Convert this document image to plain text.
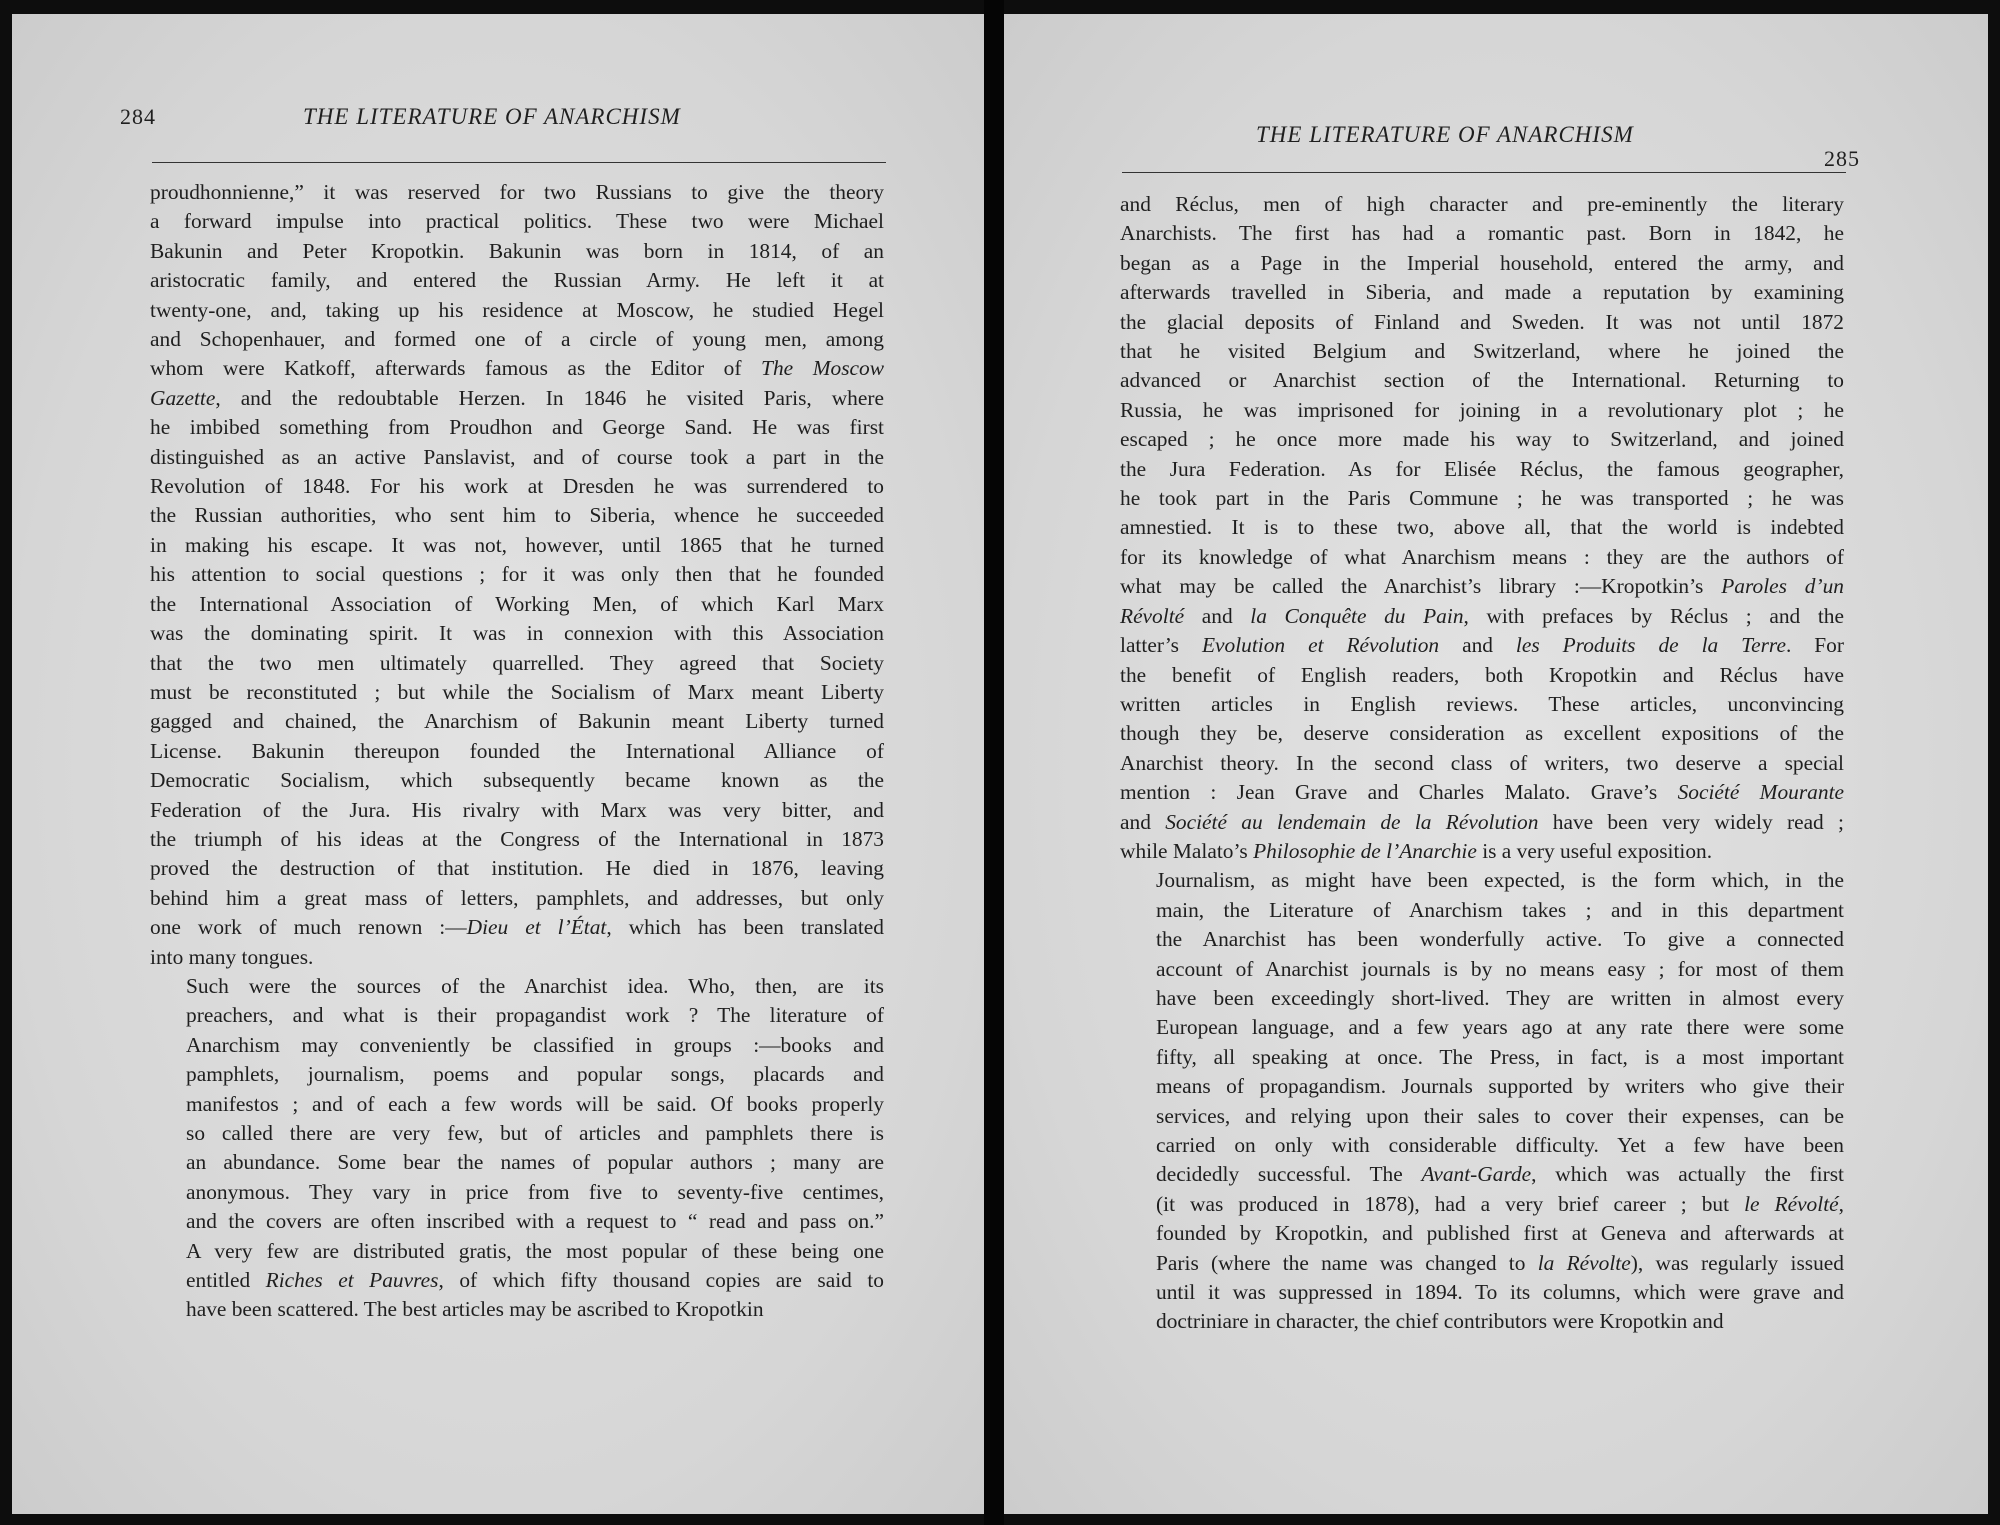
284	THE LITERATURE OF ANARCHISM

proudhonnienne,” it was reserved for two Russians to give the theory
a forward impulse into practical politics. These two were Michael
Bakunin and Peter Kropotkin. Bakunin was born in 1814, of an
aristocratic family, and entered the Russian Army. He left it at
twenty-one, and, taking up his residence at Moscow, he studied Hegel
and Schopenhauer, and formed one of a circle of young men, among
whom were Katkoff, afterwards famous as the Editor of The Moscow
Gazette, and the redoubtable Herzen. In 1846 he visited Paris, where
he imbibed something from Proudhon and George Sand. He was first
distinguished as an active Panslavist, and of course took a part in the
Revolution of 1848. For his work at Dresden he was surrendered to
the Russian authorities, who sent him to Siberia, whence he succeeded
in making his escape. It was not, however, until 1865 that he turned
his attention to social questions ; for it was only then that he founded
the International Association of Working Men, of which Karl Marx
was the dominating spirit. It was in connexion with this Association
that the two men ultimately quarrelled. They agreed that Society
must be reconstituted ; but while the Socialism of Marx meant Liberty
gagged and chained, the Anarchism of Bakunin meant Liberty turned
License. Bakunin thereupon founded the International Alliance of
Democratic Socialism, which subsequently became known as the
Federation of the Jura. His rivalry with Marx was very bitter, and
the triumph of his ideas at the Congress of the International in 1873
proved the destruction of that institution. He died in 1876, leaving
behind him a great mass of letters, pamphlets, and addresses, but only
one work of much renown :—Dieu et l’État, which has been translated
into many tongues.

Such were the sources of the Anarchist idea. Who, then, are its
preachers, and what is their propagandist work ? The literature of
Anarchism may conveniently be classified in groups :—books and
pamphlets, journalism, poems and popular songs, placards and
manifestos ; and of each a few words will be said. Of books properly
so called there are very few, but of articles and pamphlets there is
an abundance. Some bear the names of popular authors ; many are
anonymous. They vary in price from five to seventy-five centimes,
and the covers are often inscribed with a request to “ read and pass on.”
A very few are distributed gratis, the most popular of these being one
entitled Riches et Pauvres, of which fifty thousand copies are said to
have been scattered. The best articles may be ascribed to Kropotkin

THE LITERATURE OF ANARCHISM
285

and Réclus, men of high character and pre-eminently the literary
Anarchists. The first has had a romantic past. Born in 1842, he
began as a Page in the Imperial household, entered the army, and
afterwards travelled in Siberia, and made a reputation by examining
the glacial deposits of Finland and Sweden. It was not until 1872
that he visited Belgium and Switzerland, where he joined the
advanced or Anarchist section of the International. Returning to
Russia, he was imprisoned for joining in a revolutionary plot ; he
escaped ; he once more made his way to Switzerland, and joined
the Jura Federation. As for Elisée Réclus, the famous geographer,
he took part in the Paris Commune ; he was transported ; he was
amnestied. It is to these two, above all, that the world is indebted
for its knowledge of what Anarchism means : they are the authors of
what may be called the Anarchist’s library :—Kropotkin’s Paroles d’un
Révolté and la Conquête du Pain, with prefaces by Réclus ; and the
latter’s Evolution et Révolution and les Produits de la Terre. For
the benefit of English readers, both Kropotkin and Réclus have
written articles in English reviews. These articles, unconvincing
though they be, deserve consideration as excellent expositions of the
Anarchist theory. In the second class of writers, two deserve a special
mention : Jean Grave and Charles Malato. Grave’s Société Mourante
and Société au lendemain de la Révolution have been very widely read ;
while Malato’s Philosophie de l’Anarchie is a very useful exposition.

Journalism, as might have been expected, is the form which, in the
main, the Literature of Anarchism takes ; and in this department
the Anarchist has been wonderfully active. To give a connected
account of Anarchist journals is by no means easy ; for most of them
have been exceedingly short-lived. They are written in almost every
European language, and a few years ago at any rate there were some
fifty, all speaking at once. The Press, in fact, is a most important
means of propagandism. Journals supported by writers who give their
services, and relying upon their sales to cover their expenses, can be
carried on only with considerable difficulty. Yet a few have been
decidedly successful. The Avant-Garde, which was actually the first
(it was produced in 1878), had a very brief career ; but le Révolté,
founded by Kropotkin, and published first at Geneva and afterwards at
Paris (where the name was changed to la Révolte), was regularly issued
until it was suppressed in 1894. To its columns, which were grave and
doctriniare in character, the chief contributors were Kropotkin and
